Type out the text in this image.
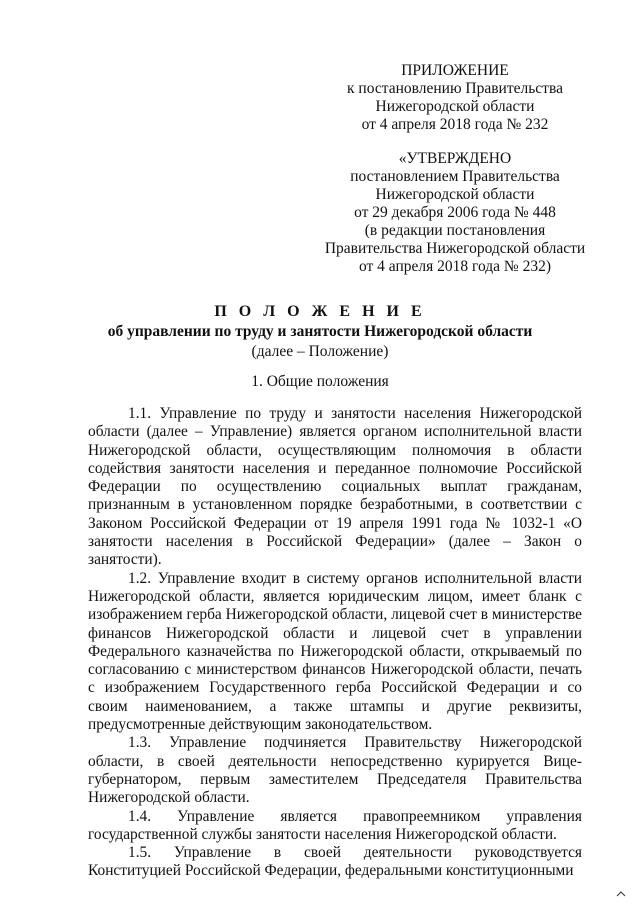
ПРИЛОЖЕНИЕ
к постановлению Правительства
Нижегородской области
от 4 апреля 2018 года № 232
«УТВЕРЖДЕНО
постановлением Правительства
Нижегородской области
от 29 декабря 2006 года № 448
(в редакции постановления
Правительства Нижегородской области
от 4 апреля 2018 года № 232)
П О Л О Ж Е Н И Е
об управлении по труду и занятости Нижегородской области
(далее – Положение)
1. Общие положения

1.1. Управление по труду и занятости населения Нижегородской области (далее – Управление) является органом исполнительной власти Нижегородской области, осуществляющим полномочия в области содействия занятости населения и переданное полномочие Российской Федерации по осуществлению социальных выплат гражданам, признанным в установленном порядке безработными, в соответствии с Законом Российской Федерации от 19 апреля 1991 года № 1032-1 «О занятости населения в Российской Федерации» (далее – Закон о занятости).

1.2. Управление входит в систему органов исполнительной власти Нижегородской области, является юридическим лицом, имеет бланк с изображением герба Нижегородской области, лицевой счет в министерстве финансов Нижегородской области и лицевой счет в управлении Федерального казначейства по Нижегородской области, открываемый по согласованию с министерством финансов Нижегородской области, печать с изображением Государственного герба Российской Федерации и со своим наименованием, а также штампы и другие реквизиты, предусмотренные действующим законодательством.

1.3. Управление подчиняется Правительству Нижегородской области, в своей деятельности непосредственно курируется Вице-губернатором, первым заместителем Председателя Правительства Нижегородской области.

1.4. Управление является правопреемником управления государственной службы занятости населения Нижегородской области.

1.5. Управление в своей деятельности руководствуется Конституцией Российской Федерации, федеральными конституционными
